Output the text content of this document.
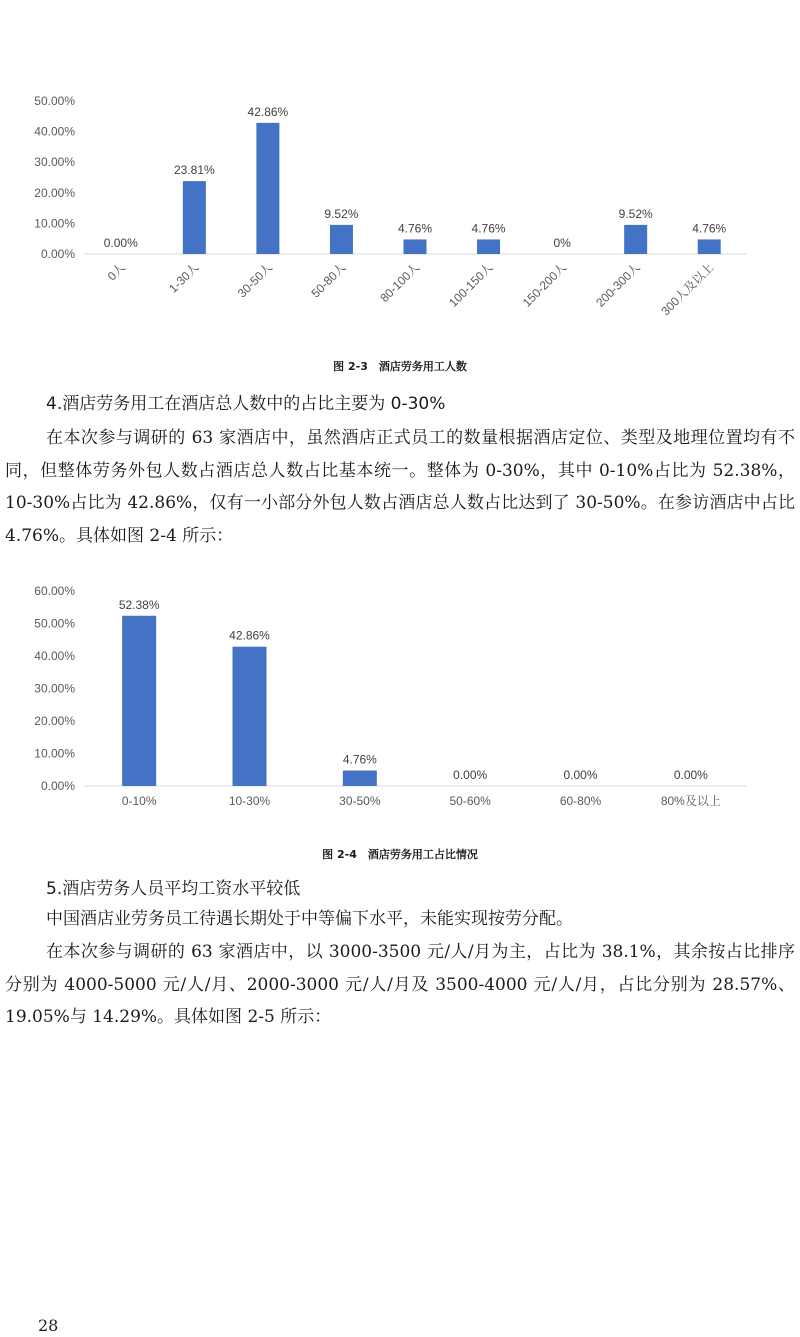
0.00%
10.00%
20.00%
30.00%
40.00%
50.00%
0.00%
0人
23.81%
1-30人
42.86%
30-50人
9.52%
50-80人
4.76%
80-100人
4.76%
100-150人
0%
150-200人
9.52%
200-300人
4.76%
300人及以上
图 2-3　酒店劳务用工人数
4.酒店劳务用工在酒店总人数中的占比主要为 0-30%

在本次参与调研的 63 家酒店中，虽然酒店正式员工的数量根据酒店定位、类型及地理位置均有不同，但整体劳务外包人数占酒店总人数占比基本统一。整体为 0-30%，其中 0-10%占比为 52.38%，10-30%占比为 42.86%，仅有一小部分外包人数占酒店总人数占比达到了 30-50%。在参访酒店中占比 4.76%。具体如图 2-4 所示：

0.00%
10.00%
20.00%
30.00%
40.00%
50.00%
60.00%
52.38%
0-10%
42.86%
10-30%
4.76%
30-50%
0.00%
50-60%
0.00%
60-80%
0.00%
80%及以上
图 2-4　酒店劳务用工占比情况
5.酒店劳务人员平均工资水平较低

中国酒店业劳务员工待遇长期处于中等偏下水平，未能实现按劳分配。

在本次参与调研的 63 家酒店中，以 3000-3500 元/人/月为主，占比为 38.1%，其余按占比排序分别为 4000-5000 元/人/月、2000-3000 元/人/月及 3500-4000 元/人/月，占比分别为 28.57%、19.05%与 14.29%。具体如图 2-5 所示：

28
